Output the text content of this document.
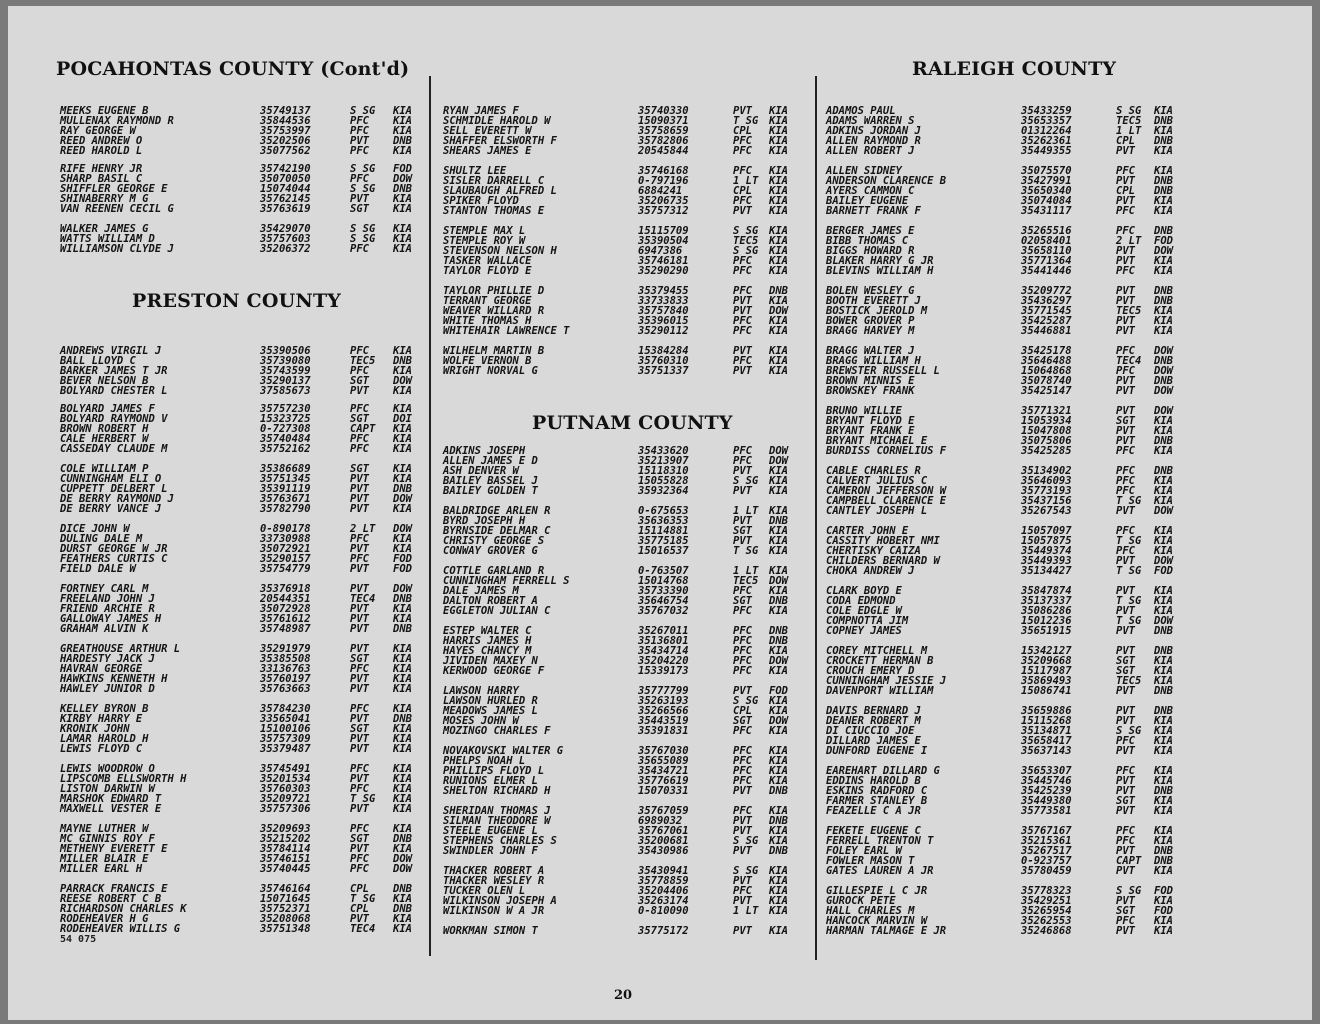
POCAHONTAS COUNTY (Cont'd)
PRESTON COUNTY
PUTNAM COUNTY
RALEIGH COUNTY
MEEKS EUGENE B	35749137	S SG KIA
MULLENAX RAYMOND R	35844536	PFC KIA
RAY GEORGE W	35753997	PFC KIA
REED ANDREW O	35202506	PVT DNB
REED HAROLD L	35077562	PFC KIA
RIFE HENRY JR	35742190	S SG FOD
SHARP BASIL C	35070050	PFC DOW
SHIFFLER GEORGE E	15074044	S SG DNB
SHINABERRY M G	35762145	PVT KIA
VAN REENEN CECIL G	35763619	SGT KIA
WALKER JAMES G	35429070	S SG KIA
WATTS WILLIAM D	35757603	S SG KIA
WILLIAMSON CLYDE J	35206372	PFC KIA
ANDREWS VIRGIL J	35390506	PFC KIA
BALL LLOYD C	35739080	TEC5 DNB
BARKER JAMES T JR	35743599	PFC KIA
BEVER NELSON B	35290137	SGT DOW
BOLYARD CHESTER L	37585673	PVT KIA
BOLYARD JAMES F	35757230	PFC KIA
BOLYARD RAYMOND V	15323725	SGT DOI
BROWN ROBERT H	0-727308	CAPT KIA
CALE HERBERT W	35740484	PFC KIA
CASSEDAY CLAUDE M	35752162	PFC KIA
COLE WILLIAM P	35386689	SGT KIA
CUNNINGHAM ELI O	35751345	PVT KIA
CUPPETT DELBERT L	35391119	PVT DNB
DE BERRY RAYMOND J	35763671	PVT DOW
DE BERRY VANCE J	35782790	PVT KIA
DICE JOHN W	0-890178	2 LT DOW
DULING DALE M	33730988	PFC KIA
DURST GEORGE W JR	35072921	PVT KIA
FEATHERS CURTIS C	35290157	PFC FOD
FIELD DALE W	35754779	PVT FOD
FORTNEY CARL M	35376918	PVT DOW
FREELAND JOHN J	20544351	TEC4 DNB
FRIEND ARCHIE R	35072928	PVT KIA
GALLOWAY JAMES H	35761612	PVT KIA
GRAHAM ALVIN K	35748987	PVT DNB
GREATHOUSE ARTHUR L	35291979	PVT KIA
HARDESTY JACK J	35385508	SGT KIA
HAVRAN GEORGE	33136763	PFC KIA
HAWKINS KENNETH H	35760197	PVT KIA
HAWLEY JUNIOR D	35763663	PVT KIA
KELLEY BYRON B	35784230	PFC KIA
KIRBY HARRY E	33565041	PVT DNB
KRONIK JOHN	15100106	SGT KIA
LAMAR HAROLD H	35757309	PVT KIA
LEWIS FLOYD C	35379487	PVT KIA
LEWIS WOODROW O	35745491	PFC KIA
LIPSCOMB ELLSWORTH H	35201534	PVT KIA
LISTON DARWIN W	35760303	PFC KIA
MARSHOK EDWARD T	35209721	T SG KIA
MAXWELL VESTER E	35757306	PVT KIA
MAYNE LUTHER W	35209693	PFC KIA
MC GINNIS ROY F	35215202	SGT DNB
METHENY EVERETT E	35784114	PVT KIA
MILLER BLAIR E	35746151	PFC DOW
MILLER EARL H	35740445	PFC DOW
PARRACK FRANCIS E	35746164	CPL DNB
REESE ROBERT C B	15071645	T SG KIA
RICHARDSON CHARLES K	35752371	CPL DNB
RODEHEAVER H G	35208068	PVT KIA
RODEHEAVER WILLIS G	35751348	TEC4 KIA
RYAN JAMES F	35740330	PVT KIA
SCHMIDLE HAROLD W	15090371	T SG KIA
SELL EVERETT W	35758659	CPL KIA
SHAFFER ELSWORTH F	35782806	PFC KIA
SHEARS JAMES E	20545844	PFC KIA
SHULTZ LEE	35746168	PFC KIA
SISLER DARRELL C	0-797196	1 LT KIA
SLAUBAUGH ALFRED L	6884241	CPL KIA
SPIKER FLOYD	35206735	PFC KIA
STANTON THOMAS E	35757312	PVT KIA
STEMPLE MAX L	15115709	S SG KIA
STEMPLE ROY W	35390504	TEC5 KIA
STEVENSON NELSON H	6947386	S SG KIA
TASKER WALLACE	35746181	PFC KIA
TAYLOR FLOYD E	35290290	PFC KIA
TAYLOR PHILLIE D	35379455	PFC DNB
TERRANT GEORGE	33733833	PVT KIA
WEAVER WILLARD R	35757840	PVT DOW
WHITE THOMAS H	35396015	PFC KIA
WHITEHAIR LAWRENCE T	35290112	PFC KIA
WILHELM MARTIN B	15384284	PVT KIA
WOLFE VERNON B	35760310	PFC KIA
WRIGHT NORVAL G	35751337	PVT KIA
ADKINS JOSEPH	35433620	PFC DOW
ALLEN JAMES E D	35213907	PFC DOW
ASH DENVER W	15118310	PVT KIA
BAILEY BASSEL J	15055828	S SG KIA
BAILEY GOLDEN T	35932364	PVT KIA
BALDRIDGE ARLEN R	0-675653	1 LT KIA
BYRD JOSEPH H	35636353	PVT DNB
BYRNSIDE DELMAR C	15114881	SGT KIA
CHRISTY GEORGE S	35775185	PVT KIA
CONWAY GROVER G	15016537	T SG KIA
COTTLE GARLAND R	0-763507	1 LT KIA
CUNNINGHAM FERRELL S	15014768	TEC5 DOW
DALE JAMES M	35733390	PFC KIA
DALTON ROBERT A	35646754	SGT DNB
EGGLETON JULIAN C	35767032	PFC KIA
ESTEP WALTER C	35267011	PFC DNB
HARRIS JAMES H	35136801	PFC DNB
HAYES CHANCY M	35434714	PFC KIA
JIVIDEN MAXEY N	35204220	PFC DOW
KERWOOD GEORGE F	15339173	PFC KIA
LAWSON HARRY	35777799	PVT FOD
LAWSON HURLED R	35263193	S SG KIA
MEADOWS JAMES L	35266566	CPL KIA
MOSES JOHN W	35443519	SGT DOW
MOZINGO CHARLES F	35391831	PFC KIA
NOVAKOVSKI WALTER G	35767030	PFC KIA
PHELPS NOAH L	35655089	PFC KIA
PHILLIPS FLOYD L	35434721	PFC KIA
RUNIONS ELMER L	35776619	PFC KIA
SHELTON RICHARD H	15070331	PVT DNB
SHERIDAN THOMAS J	35767059	PFC KIA
SILMAN THEODORE W	6989032	PVT DNB
STEELE EUGENE L	35767061	PVT KIA
STEPHENS CHARLES S	35200681	S SG KIA
SWINDLER JOHN F	35430986	PVT DNB
THACKER ROBERT A	35430941	S SG KIA
THACKER WESLEY R	35778859	PVT KIA
TUCKER OLEN L	35204406	PFC KIA
WILKINSON JOSEPH A	35263174	PVT KIA
WILKINSON W A JR	0-810090	1 LT KIA
WORKMAN SIMON T	35775172	PVT KIA
ADAMOS PAUL	35433259	S SG KIA
ADAMS WARREN S	35653357	TEC5 DNB
ADKINS JORDAN J	01312264	1 LT KIA
ALLEN RAYMOND R	35262361	CPL DNB
ALLEN ROBERT J	35449355	PVT KIA
ALLEN SIDNEY	35075570	PFC KIA
ANDERSON CLARENCE B	35427991	PVT DNB
AYERS CAMMON C	35650340	CPL DNB
BAILEY EUGENE	35074084	PVT KIA
BARNETT FRANK F	35431117	PFC KIA
BERGER JAMES E	35265516	PFC DNB
BIBB THOMAS C	02058401	2 LT FOD
BIGGS HOWARD R	35658110	PVT DOW
BLAKER HARRY G JR	35771364	PVT KIA
BLEVINS WILLIAM H	35441446	PFC KIA
BOLEN WESLEY G	35209772	PVT DNB
BOOTH EVERETT J	35436297	PVT DNB
BOSTICK JEROLD M	35771545	TEC5 KIA
BOWER GROVER P	35425287	PVT KIA
BRAGG HARVEY M	35446881	PVT KIA
BRAGG WALTER J	35425178	PFC DOW
BRAGG WILLIAM H	35646488	TEC4 DNB
BREWSTER RUSSELL L	15064868	PFC DOW
BROWN MINNIS E	35078740	PVT DNB
BROWSKEY FRANK	35425147	PVT DOW
BRUNO WILLIE	35771321	PVT DOW
BRYANT FLOYD E	15053934	SGT KIA
BRYANT FRANK E	15047808	PVT KIA
BRYANT MICHAEL E	35075806	PVT DNB
BURDISS CORNELIUS F	35425285	PFC KIA
CABLE CHARLES R	35134902	PFC DNB
CALVERT JULIUS C	35646093	PFC KIA
CAMERON JEFFERSON W	35773193	PFC KIA
CAMPBELL CLARENCE E	35437156	T SG KIA
CANTLEY JOSEPH L	35267543	PVT DOW
CARTER JOHN E	15057097	PFC KIA
CASSITY HOBERT NMI	15057875	T SG KIA
CHERTISKY CAIZA	35449374	PFC KIA
CHILDERS BERNARD W	35449393	PVT DOW
CHOKA ANDREW J	35134427	T SG FOD
CLARK BOYD E	35847874	PVT KIA
CODA EDMOND	35137337	T SG KIA
COLE EDGLE W	35086286	PVT KIA
COMPNOTTA JIM	15012236	T SG DOW
COPNEY JAMES	35651915	PVT DNB
COREY MITCHELL M	15342127	PVT DNB
CROCKETT HERMAN B	35209668	SGT KIA
CROUCH EMERY D	15117987	SGT KIA
CUNNINGHAM JESSIE J	35869493	TEC5 KIA
DAVENPORT WILLIAM	15086741	PVT DNB
DAVIS BERNARD J	35659886	PVT DNB
DEANER ROBERT M	15115268	PVT KIA
DI CIUCCIO JOE	35134871	S SG KIA
DILLARD JAMES E	35658417	PFC KIA
DUNFORD EUGENE I	35637143	PVT KIA
EAREHART DILLARD G	35653307	PFC KIA
EDDINS HAROLD B	35445746	PVT KIA
ESKINS RADFORD C	35425239	PVT DNB
FARMER STANLEY B	35449380	SGT KIA
FEAZELLE C A JR	35773581	PVT KIA
FEKETE EUGENE C	35767167	PFC KIA
FERRELL TRENTON T	35215361	PFC KIA
FOLEY EARL W	35267517	PVT DNB
FOWLER MASON T	0-923757	CAPT DNB
GATES LAUREN A JR	35780459	PVT KIA
GILLESPIE L C JR	35778323	S SG FOD
GUROCK PETE	35429251	PVT KIA
HALL CHARLES M	35265954	SGT FOD
HANCOCK MARVIN W	35262553	PFC KIA
HARMAN TALMAGE E JR	35246868	PVT KIA
54 075
20
